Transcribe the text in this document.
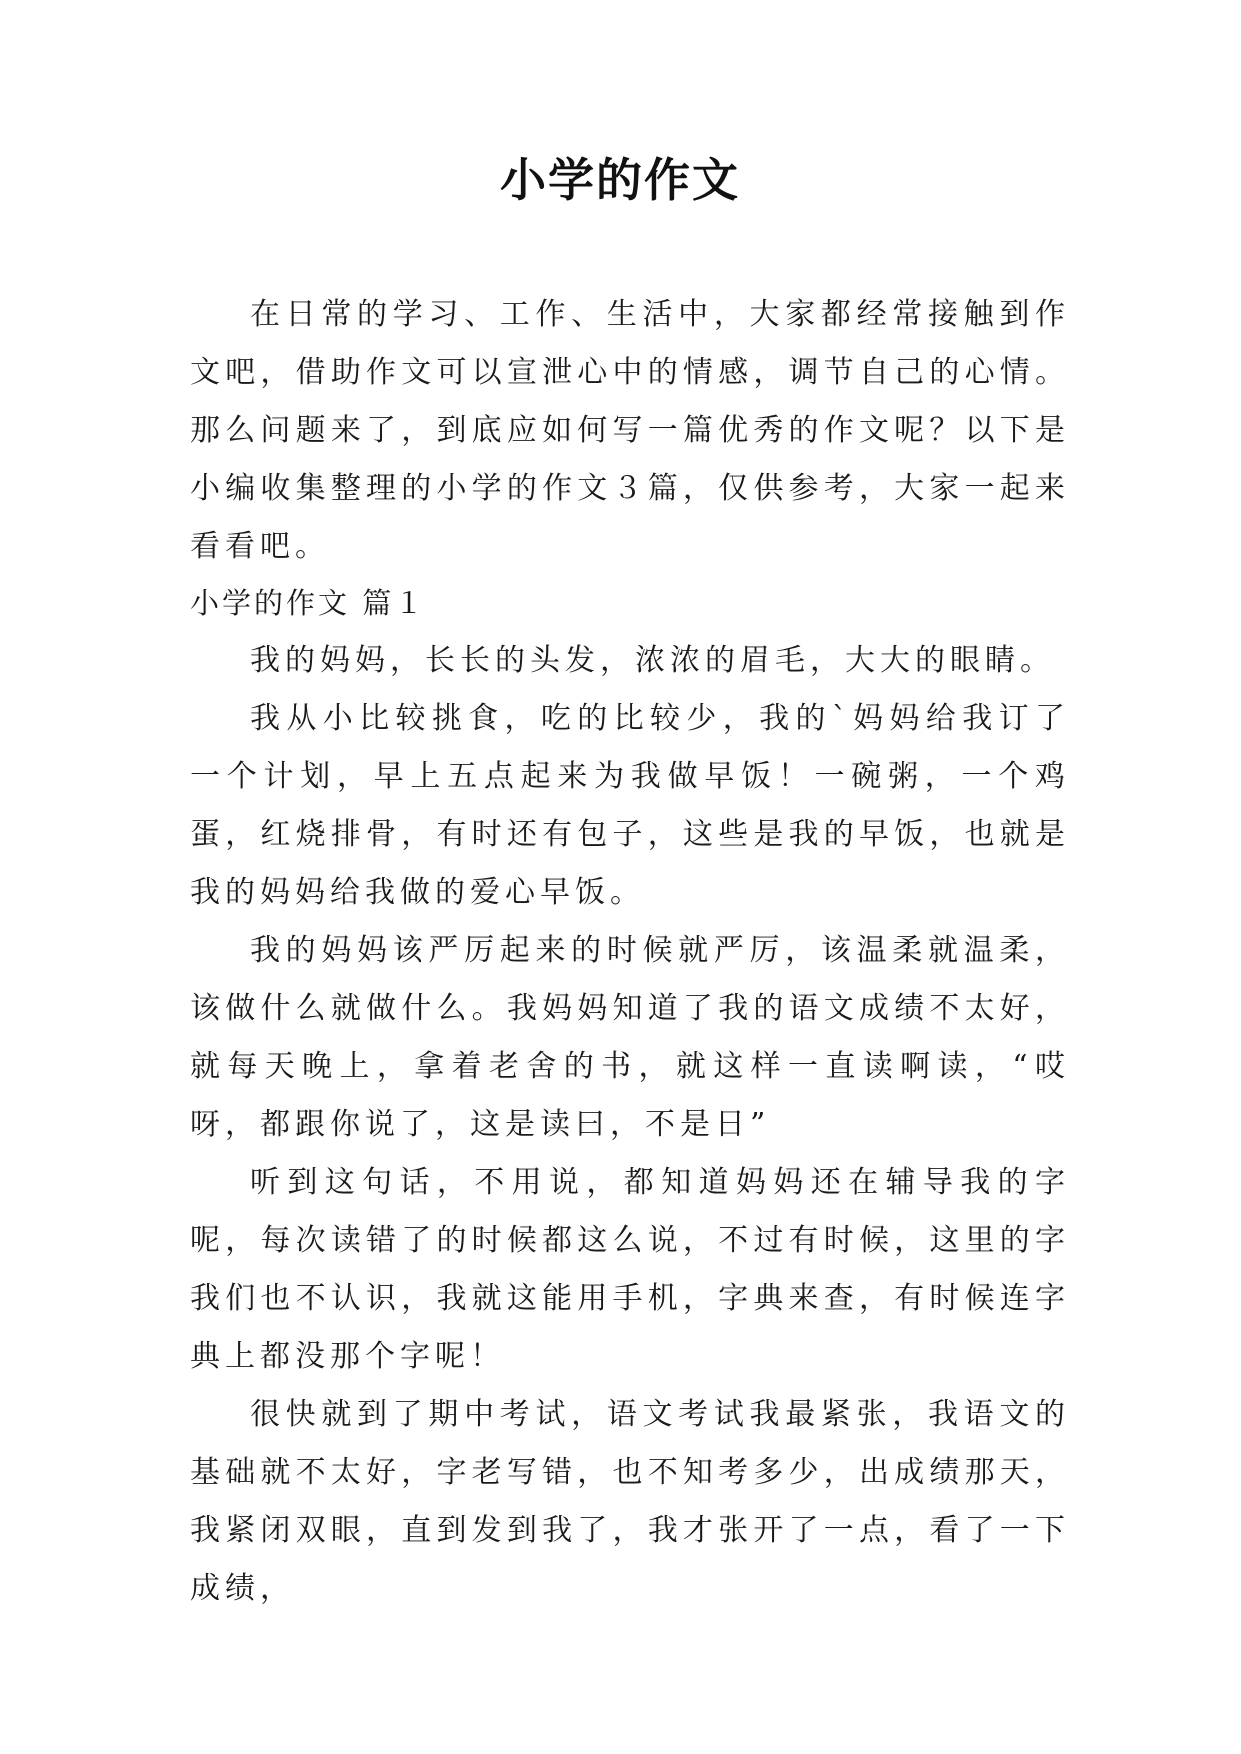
小学的作文

在日常的学习、工作、生活中，大家都经常接触到作文吧，借助作文可以宣泄心中的情感，调节自己的心情。那么问题来了，到底应如何写一篇优秀的作文呢？以下是小编收集整理的小学的作文３篇，仅供参考，大家一起来看看吧。

小学的作文 篇１

我的妈妈，长长的头发，浓浓的眉毛，大大的眼睛。

我从小比较挑食，吃的比较少，我的`妈妈给我订了一个计划，早上五点起来为我做早饭！一碗粥，一个鸡蛋，红烧排骨，有时还有包子，这些是我的早饭，也就是我的妈妈给我做的爱心早饭。

我的妈妈该严厉起来的时候就严厉，该温柔就温柔，该做什么就做什么。我妈妈知道了我的语文成绩不太好，就每天晚上，拿着老舍的书，就这样一直读啊读，“哎呀，都跟你说了，这是读曰，不是日”

听到这句话，不用说，都知道妈妈还在辅导我的字呢，每次读错了的时候都这么说，不过有时候，这里的字我们也不认识，我就这能用手机，字典来查，有时候连字典上都没那个字呢！

很快就到了期中考试，语文考试我最紧张，我语文的基础就不太好，字老写错，也不知考多少，出成绩那天，我紧闭双眼，直到发到我了，我才张开了一点，看了一下成绩，
